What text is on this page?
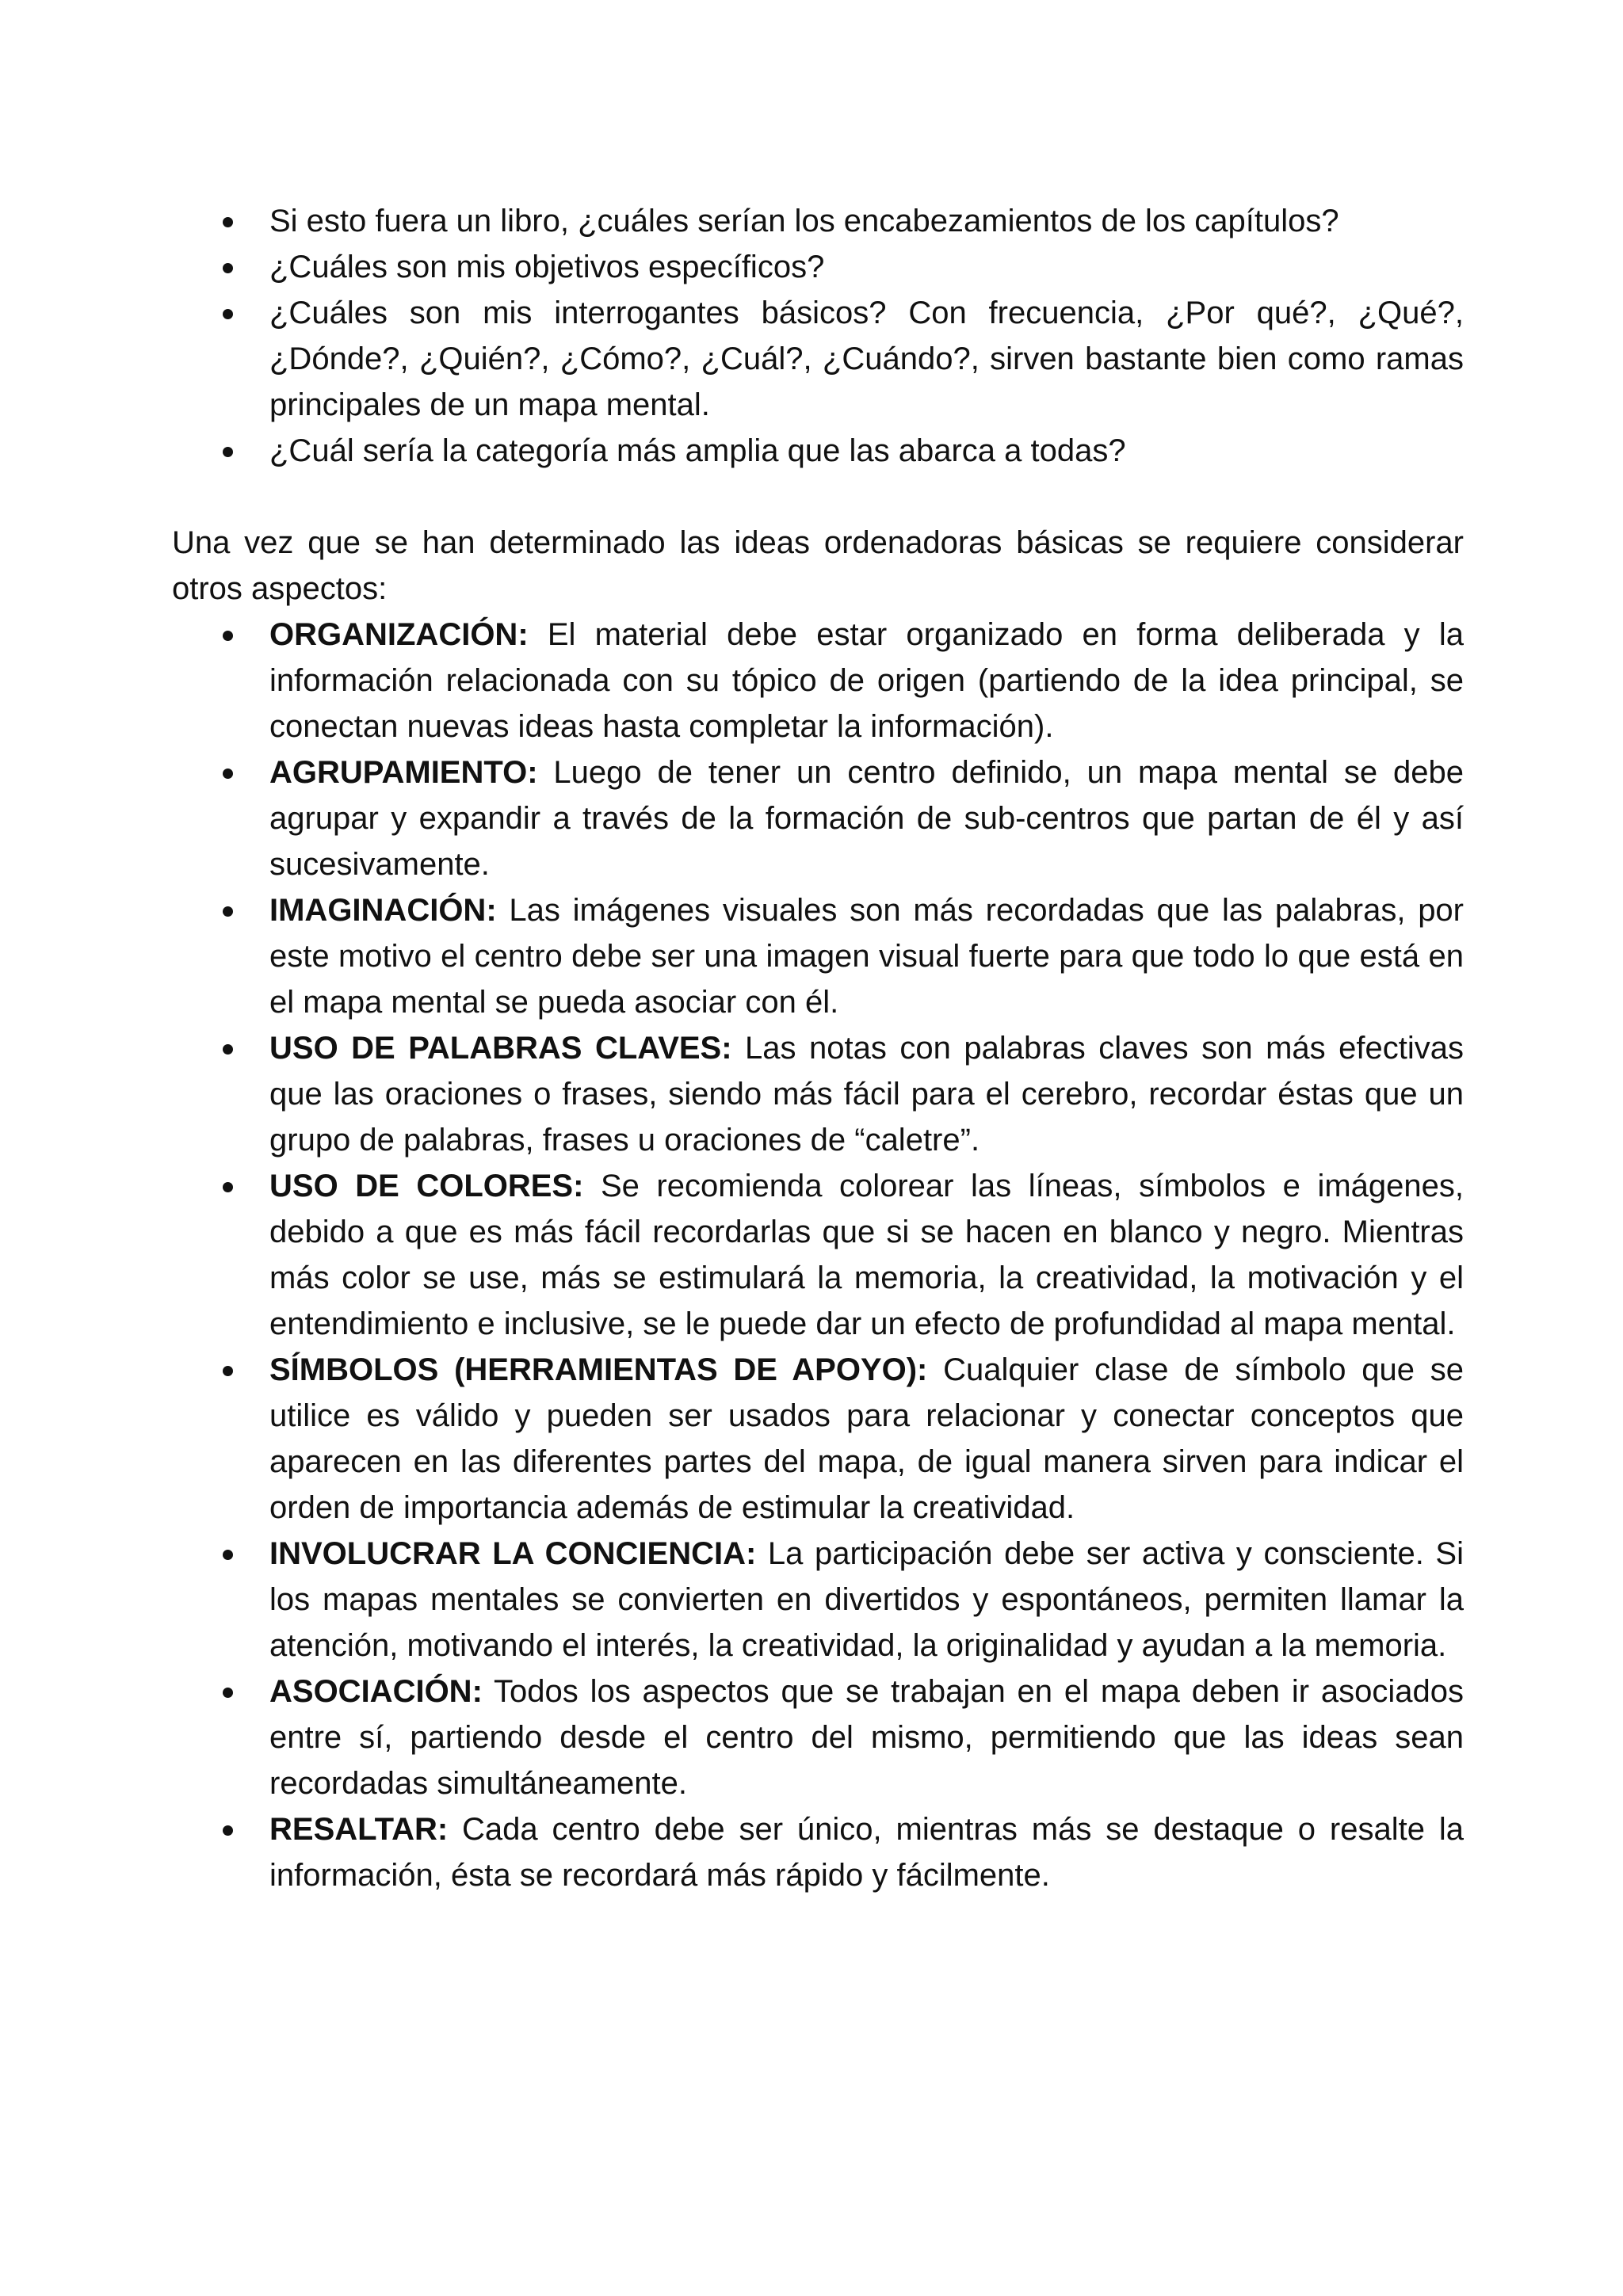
Si esto fuera un libro, ¿cuáles serían los encabezamientos de los capítulos?
¿Cuáles son mis objetivos específicos?
¿Cuáles son mis interrogantes básicos? Con frecuencia, ¿Por qué?, ¿Qué?, ¿Dónde?, ¿Quién?, ¿Cómo?, ¿Cuál?, ¿Cuándo?, sirven bastante bien como ramas principales de un mapa mental.
¿Cuál sería la categoría más amplia que las abarca a todas?

Una vez que se han determinado las ideas ordenadoras básicas se requiere considerar otros aspectos:

ORGANIZACIÓN: El material debe estar organizado en forma deliberada y la información relacionada con su tópico de origen (partiendo de la idea principal, se conectan nuevas ideas hasta completar la información).
AGRUPAMIENTO: Luego de tener un centro definido, un mapa mental se debe agrupar y expandir a través de la formación de sub-centros que partan de él y así sucesivamente.
IMAGINACIÓN: Las imágenes visuales son más recordadas que las palabras, por este motivo el centro debe ser una imagen visual fuerte para que todo lo que está en el mapa mental se pueda asociar con él.
USO DE PALABRAS CLAVES: Las notas con palabras claves son más efectivas que las oraciones o frases, siendo más fácil para el cerebro, recordar éstas que un grupo de palabras, frases u oraciones de “caletre”.
USO DE COLORES: Se recomienda colorear las líneas, símbolos e imágenes, debido a que es más fácil recordarlas que si se hacen en blanco y negro. Mientras más color se use, más se estimulará la memoria, la creatividad, la motivación y el entendimiento e inclusive, se le puede dar un efecto de profundidad al mapa mental.
SÍMBOLOS (HERRAMIENTAS DE APOYO): Cualquier clase de símbolo que se utilice es válido y pueden ser usados para relacionar y conectar conceptos que aparecen en las diferentes partes del mapa, de igual manera sirven para indicar el orden de importancia además de estimular la creatividad.
INVOLUCRAR LA CONCIENCIA: La participación debe ser activa y consciente. Si los mapas mentales se convierten en divertidos y espontáneos, permiten llamar la atención, motivando el interés, la creatividad, la originalidad y ayudan a la memoria.
ASOCIACIÓN: Todos los aspectos que se trabajan en el mapa deben ir asociados entre sí, partiendo desde el centro del mismo, permitiendo que las ideas sean recordadas simultáneamente.
RESALTAR: Cada centro debe ser único, mientras más se destaque o resalte la información, ésta se recordará más rápido y fácilmente.
